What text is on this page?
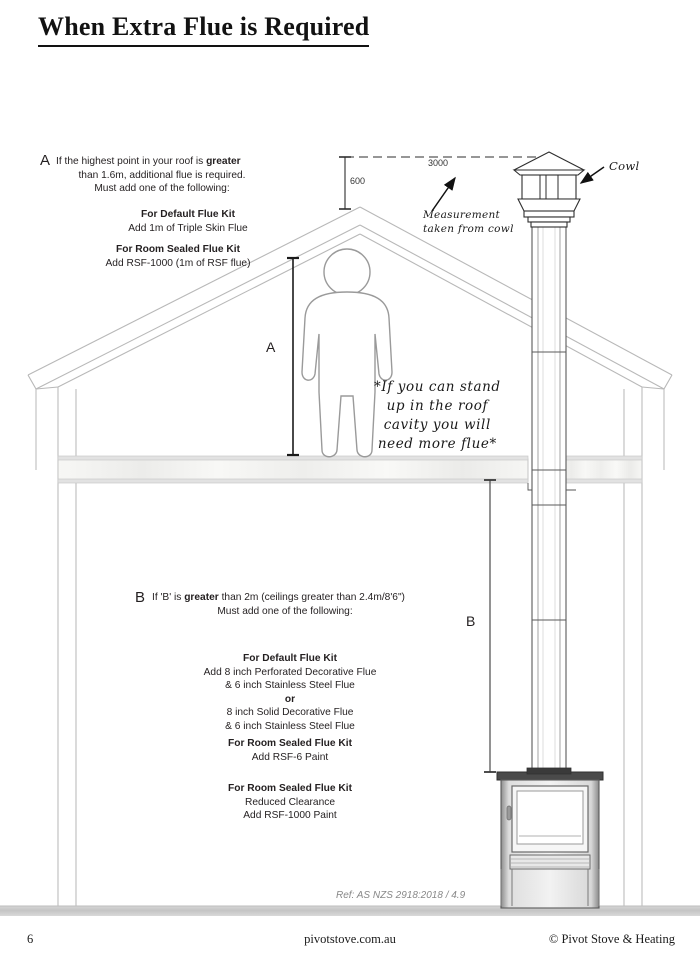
When Extra Flue is Required
A If the highest point in your roof is greater
than 1.6m, additional flue is required.
Must add one of the following:
For Default Flue Kit
Add 1m of Triple Skin Flue
For Room Sealed Flue Kit
Add RSF-1000 (1m of RSF flue)
B If 'B' is greater than 2m (ceilings greater than 2.4m/8'6")
Must add one of the following:
For Default Flue Kit
Add 8 inch Perforated Decorative Flue
& 6 inch Stainless Steel Flue
or
8 inch Solid Decorative Flue
& 6 inch Stainless Steel Flue
For Room Sealed Flue Kit
Add RSF-6 Paint
For Room Sealed Flue Kit
Reduced Clearance
Add RSF-1000 Paint
*If you can stand
up in the roof
cavity you will
need more flue*
Measurement
taken from cowl
Cowl
600
3000
A
B
Ref: AS NZS 2918:2018 / 4.9
6	pivotstove.com.au	© Pivot Stove & Heating
